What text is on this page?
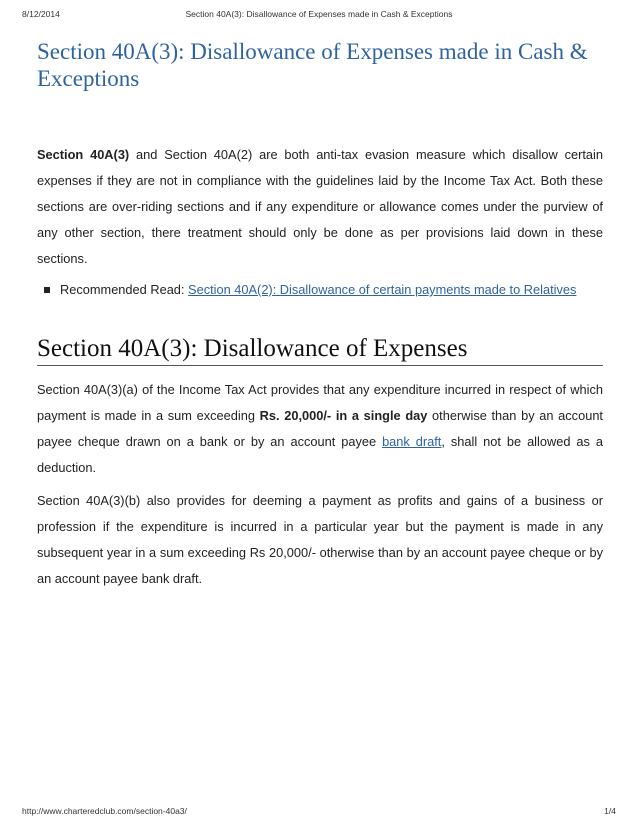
8/12/2014	Section 40A(3): Disallowance of Expenses made in Cash & Exceptions
Section 40A(3): Disallowance of Expenses made in Cash & Exceptions

Section 40A(3) and Section 40A(2) are both anti-tax evasion measure which disallow certain expenses if they are not in compliance with the guidelines laid by the Income Tax Act. Both these sections are over-riding sections and if any expenditure or allowance comes under the purview of any other section, there treatment should only be done as per provisions laid down in these sections.

Recommended Read: Section 40A(2): Disallowance of certain payments made to Relatives
Section 40A(3): Disallowance of Expenses

Section 40A(3)(a) of the Income Tax Act provides that any expenditure incurred in respect of which payment is made in a sum exceeding Rs. 20,000/- in a single day otherwise than by an account payee cheque drawn on a bank or by an account payee bank draft, shall not be allowed as a deduction.

Section 40A(3)(b) also provides for deeming a payment as profits and gains of a business or profession if the expenditure is incurred in a particular year but the payment is made in any subsequent year in a sum exceeding Rs 20,000/- otherwise than by an account payee cheque or by an account payee bank draft.

http://www.charteredclub.com/section-40a3/	1/4
